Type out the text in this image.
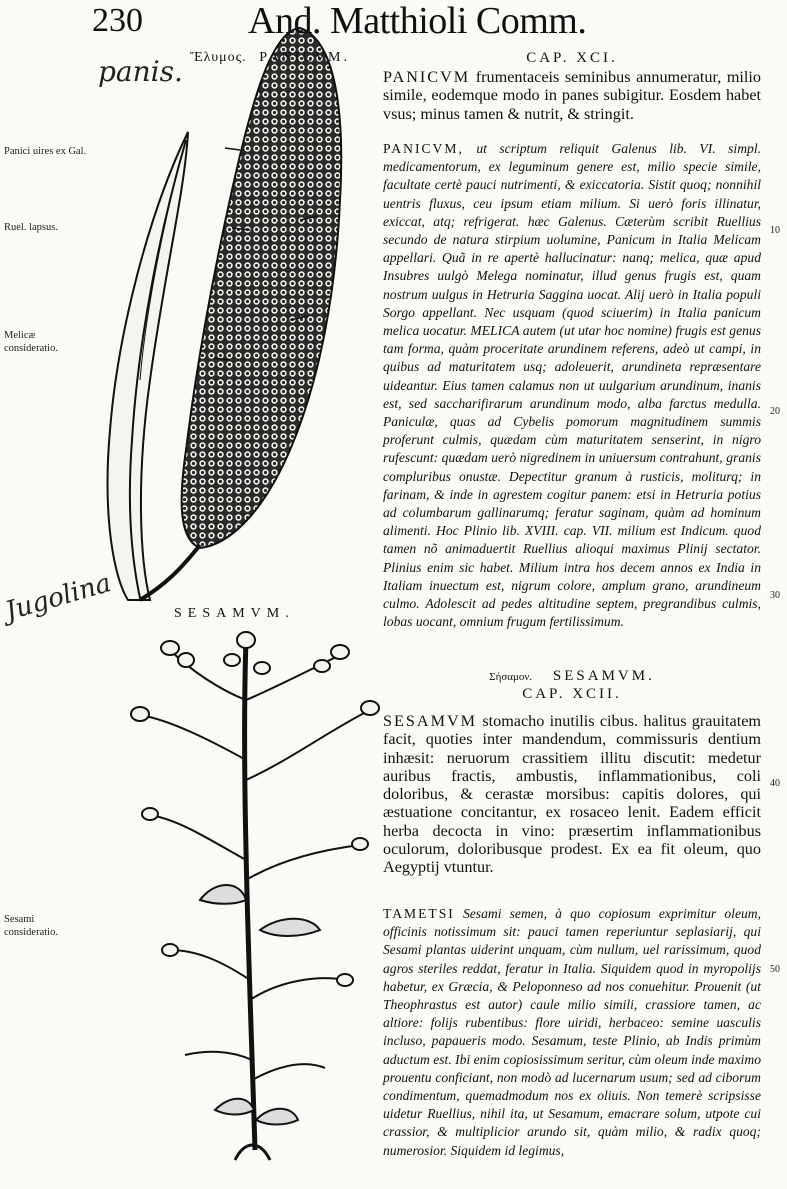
230	And. Matthioli Comm.
panis.
Jugolina
Ἔλυμος. PANICVM.
SESAMVM.
Panici uires ex Gal.
Ruel. lapsus.
Melicæ consideratio.
Sesami consideratio.
10
20
30
40
50
CAP. XCI.
PANICVM frumentaceis seminibus annumeratur, milio simile, eodemque modo in panes subigitur. Eosdem habet vsus; minus tamen & nutrit, & stringit.
PANICVM, ut scriptum reliquit Galenus lib. VI. simpl. medicamentorum, ex leguminum genere est, milio specie simile, facultate certè pauci nutrimenti, & exiccatoria. Sistit quoq; nonnihil uentris fluxus, ceu ipsum etiam milium. Si uerò foris illinatur, exiccat, atq; refrigerat. hæc Galenus. Cæterùm scribit Ruellius secundo de natura stirpium uolumine, Panicum in Italia Melicam appellari. Quã in re apertè hallucinatur: nanq; melica, quæ apud Insubres uulgò Melega nominatur, illud genus frugis est, quam nostrum uulgus in Hetruria Saggina uocat. Alij uerò in Italia populi Sorgo appellant. Nec usquam (quod sciuerim) in Italia panicum melica uocatur. MELICA autem (ut utar hoc nomine) frugis est genus tam forma, quàm proceritate arundinem referens, adeò ut campi, in quibus ad maturitatem usq; adoleuerit, arundineta repræsentare uideantur. Eius tamen calamus non ut uulgarium arundinum, inanis est, sed saccharifirarum arundinum modo, alba farctus medulla. Paniculæ, quas ad Cybelis pomorum magnitudinem summis proferunt culmis, quædam cùm maturitatem senserint, in nigro rufescunt: quædam uerò nigredinem in uniuersum contrahunt, granis compluribus onustæ. Depectitur granum à rusticis, moliturq; in farinam, & inde in agrestem cogitur panem: etsi in Hetruria potius ad columbarum gallinarumq; feratur saginam, quàm ad hominum alimenti. Hoc Plinio lib. XVIII. cap. VII. milium est Indicum. quod tamen nõ animaduertit Ruellius alioqui maximus Plinij sectator. Plinius enim sic habet. Milium intra hos decem annos ex India in Italiam inuectum est, nigrum colore, amplum grano, arundineum culmo. Adolescit ad pedes altitudine septem, pregrandibus culmis, lobas uocant, omnium frugum fertilissimum.
Σήσαμον. SESAMVM.
CAP. XCII.
SESAMVM stomacho inutilis cibus. halitus grauitatem facit, quoties inter mandendum, commissuris dentium inhæsit: neruorum crassitiem illitu discutit: medetur auribus fractis, ambustis, inflammationibus, coli doloribus, & cerastæ morsibus: capitis dolores, qui æstuatione concitantur, ex rosaceo lenit. Eadem efficit herba decocta in vino: præsertim inflammationibus oculorum, doloribusque prodest. Ex ea fit oleum, quo Aegyptij vtuntur.
TAMETSI Sesami semen, à quo copiosum exprimitur oleum, officinis notissimum sit: pauci tamen reperiuntur seplasiarij, qui Sesami plantas uiderint unquam, cùm nullum, uel rarissimum, quod agros steriles reddat, feratur in Italia. Siquidem quod in myropolijs habetur, ex Græcia, & Peloponneso ad nos conuehitur. Prouenit (ut Theophrastus est autor) caule milio simili, crassiore tamen, ac altiore: folijs rubentibus: flore uiridi, herbaceo: semine uasculis incluso, papaueris modo. Sesamum, teste Plinio, ab Indis primùm aductum est. Ibi enim copiosissimum seritur, cùm oleum inde maximo prouentu conficiant, non modò ad lucernarum usum; sed ad ciborum condimentum, quemadmodum nos ex oliuis. Non temerè scripsisse uidetur Ruellius, nihil ita, ut Sesamum, emacrare solum, utpote cui crassior, & multiplicior arundo sit, quàm milio, & radix quoq; numerosior. Siquidem id legimus,
